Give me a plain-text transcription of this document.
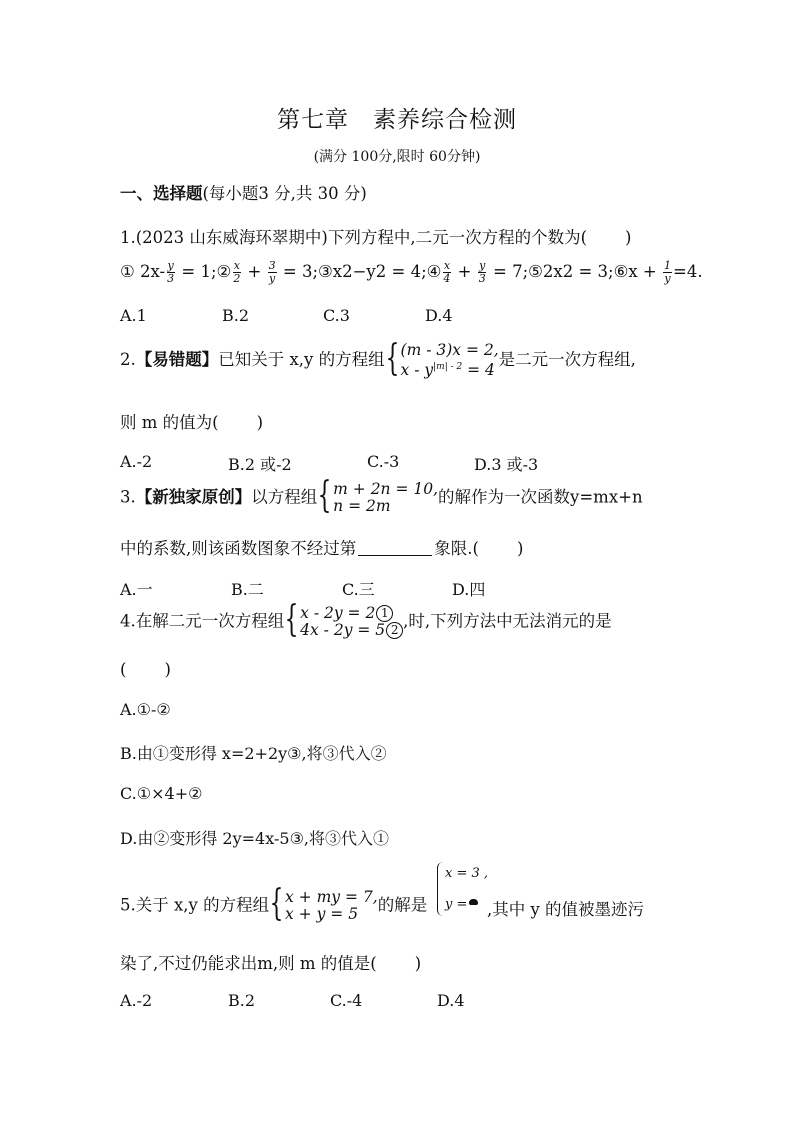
第七章　素养综合检测
(满分 100分,限时 60分钟)
一、选择题(每小题3 分,共 30 分)
1.(2023 山东威海环翠期中)下列方程中,二元一次方程的个数为( )
① $2x- \frac{y}{3}$ = 1;② $\frac{x}{2} + \frac{3}{y}$ = 3;③x2−y2 = 4;④ $\frac{x}{4} + \frac{y}{3}$ = 7;⑤2x2 = 3;⑥x + $\frac{1}{y} =4$.
A.1	B.2	C.3	D.4
2.【易错题】已知关于 x,y 的方程组 { (m - 3)x = 2,
$x - y^{|m| - 2} = 4$
是二元一次方程组,
则 m 的值为( )
A.-2	B.2 或-2	C.-3	D.3 或-3
3.【新独家原创】以方程组 { m + 2n = 10,
n = 2m	的解作为一次函数y=mx+n
中的系数,则该函数图象不经过第	象限.( )
A.一	B.二	C.三	D.四
4.在解二元一次方程组 { x - 2y = 2 1
4x - 2y = 5 2 ,时,下列方法中无法消元的是
( )
A.①-②
B.由①变形得 x=2+2y③,将③代入②
C.①×4+②
D.由②变形得 2y=4x-5③,将③代入①
5.关于 x,y 的方程组 { x + my = 7,
x + y = 5	的解是
x = 3 ,
y =	,其中 y 的值被墨迹污
染了,不过仍能求出m,则 m 的值是( )
A.-2	B.2	C.-4	D.4
